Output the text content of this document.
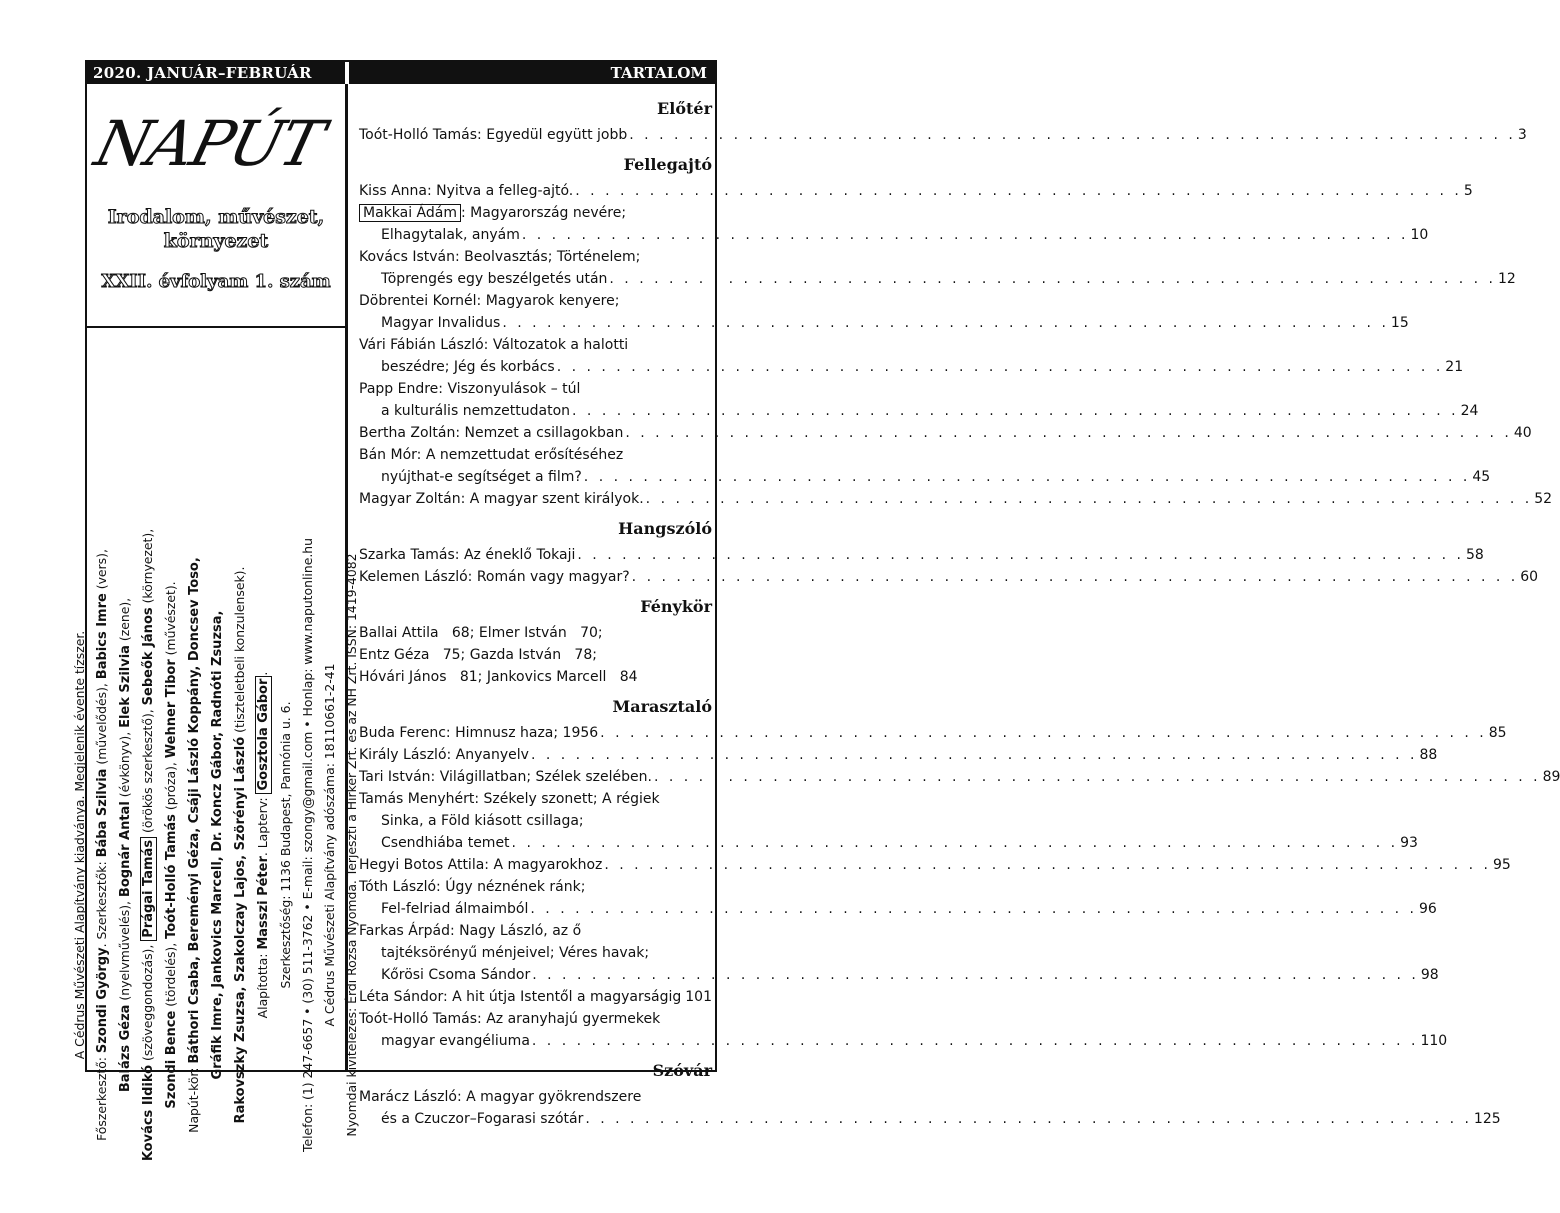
2020. JANUÁR–FEBRUÁR	TARTALOM
NAPÚT
Irodalom, művészet,
környezet
XXII. évfolyam 1. szám
A Cédrus Művészeti Alapítvány kiadványa. Megjelenik évente tízszer.
Főszerkesztő: Szondi György. Szerkesztők: Bába Szilvia (művelődés), Babics Imre (vers),
Balázs Géza (nyelvművelés), Bognár Antal (évkönyv), Elek Szilvia (zene),
Kovács Ildikó (szöveggondozás), Prágai Tamás (örökös szerkesztő), Sebeők János (környezet),
Szondi Bence (tördelés), Toót-Holló Tamás (próza), Wehner Tibor (művészet).
Napút-kör: Báthori Csaba, Bereményi Géza, Csáji László Koppány, Doncsev Toso, Gráfik Imre, Jankovics Marcell, Dr. Koncz Gábor, Radnóti Zsuzsa, Rakovszky Zsuzsa, Szakolczay Lajos, Szörényi László (tiszteletbeli konzulensek).
Alapította: Masszi Péter. Lapterv: Gosztola Gábor.
Szerkesztőség: 1136 Budapest, Pannónia u. 6. Telefon: (1) 247-6657 • (30) 511-3762 • E-mail: szongy@gmail.com • Honlap: www.naputonline.hu A Cédrus Művészeti Alapítvány adószáma: 18110661-2-41 Nyomdai kivitelezés: Érdi Rózsa Nyomda. Terjeszti a Hírker Zrt. és az NH Zrt. ISSN: 1419-4082
Előtér
Toót-Holló Tamás: Egyedül együtt jobb . . .	3
Fellegajtó
Kiss Anna: Nyitva a felleg-ajtó. . . .	5
Makkai Ádám : Magyarország nevére;
Elhagytalak, anyám . . .	10
Kovács István: Beolvasztás; Történelem;
Töprengés egy beszélgetés után . . .	12
Döbrentei Kornél: Magyarok kenyere;
Magyar Invalidus . . .	15
Vári Fábián László: Változatok a halotti
beszédre; Jég és korbács . . .	21
Papp Endre: Viszonyulások – túl
a kulturális nemzettudaton . . .	24
Bertha Zoltán: Nemzet a csillagokban . . .	40
Bán Mór: A nemzettudat erősítéséhez
nyújthat-e segítséget a film? . . .	45
Magyar Zoltán: A magyar szent királyok. . . .	52
Hangszóló
Szarka Tamás: Az éneklő Tokaji . . .	58
Kelemen László: Román vagy magyar? . . .	60
Fénykör
Ballai Attila   68; Elmer István   70;
Entz Géza   75; Gazda István   78;
Hóvári János   81; Jankovics Marcell   84
Marasztaló
Buda Ferenc: Himnusz haza; 1956 . . .	85
Király László: Anyanyelv . . .	88
Tari István: Világillatban; Szélek szelében. . . .	89
Tamás Menyhért: Székely szonett; A régiek
Sinka, a Föld kiásott csillaga;
Csendhiába temet . . .	93
Hegyi Botos Attila: A magyarokhoz . . .	95
Tóth László: Úgy néznének ránk;
Fel-felriad álmaimból . . .	96
Farkas Árpád: Nagy László, az ő
tajtéksörényű ménjeivel; Véres havak;
Kőrösi Csoma Sándor . . .	98
Léta Sándor: A hit útja Istentől a magyarságig 101
Toót-Holló Tamás: Az aranyhajú gyermekek
magyar evangéliuma . . .	110
Szóvár
Marácz László: A magyar gyökrendszere
és a Czuczor–Fogarasi szótár . . .	125
